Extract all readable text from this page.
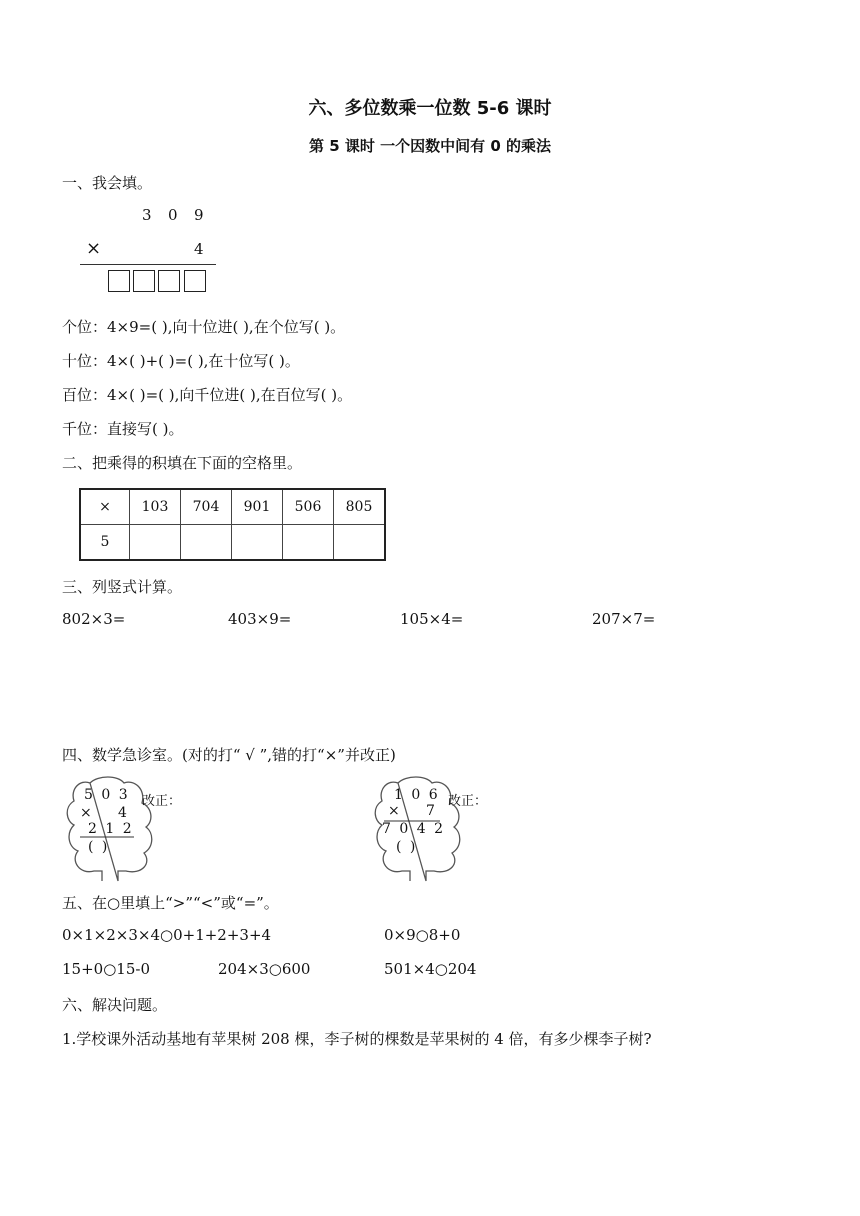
六、多位数乘一位数 5-6 课时
第 5 课时 一个因数中间有 0 的乘法
一、我会填。
3 0 9
×	4
个位：4×9=( ),向十位进( ),在个位写( )。
十位：4×( )+( )=( ),在十位写( )。
百位：4×( )=( ),向千位进( ),在百位写( )。
千位：直接写( )。
二、把乘得的积填在下面的空格里。
×	103	704	901	506	805
5					
三、列竖式计算。
802×3=	403×9=	105×4=	207×7=
四、数学急诊室。(对的打“ √ ”,错的打“×”并改正)
5 0 3
× 4
2 1 2
( )
改正：	1 0 6
× 7
7 0 4 2
( )
改正：
五、在○里填上“>”“<”或“=”。
0×1×2×3×4○0+1+2+3+4	0×9○8+0
15+0○15-0	204×3○600	501×4○204
六、解决问题。
1.学校课外活动基地有苹果树 208 棵，李子树的棵数是苹果树的 4 倍，有多少棵李子树?
